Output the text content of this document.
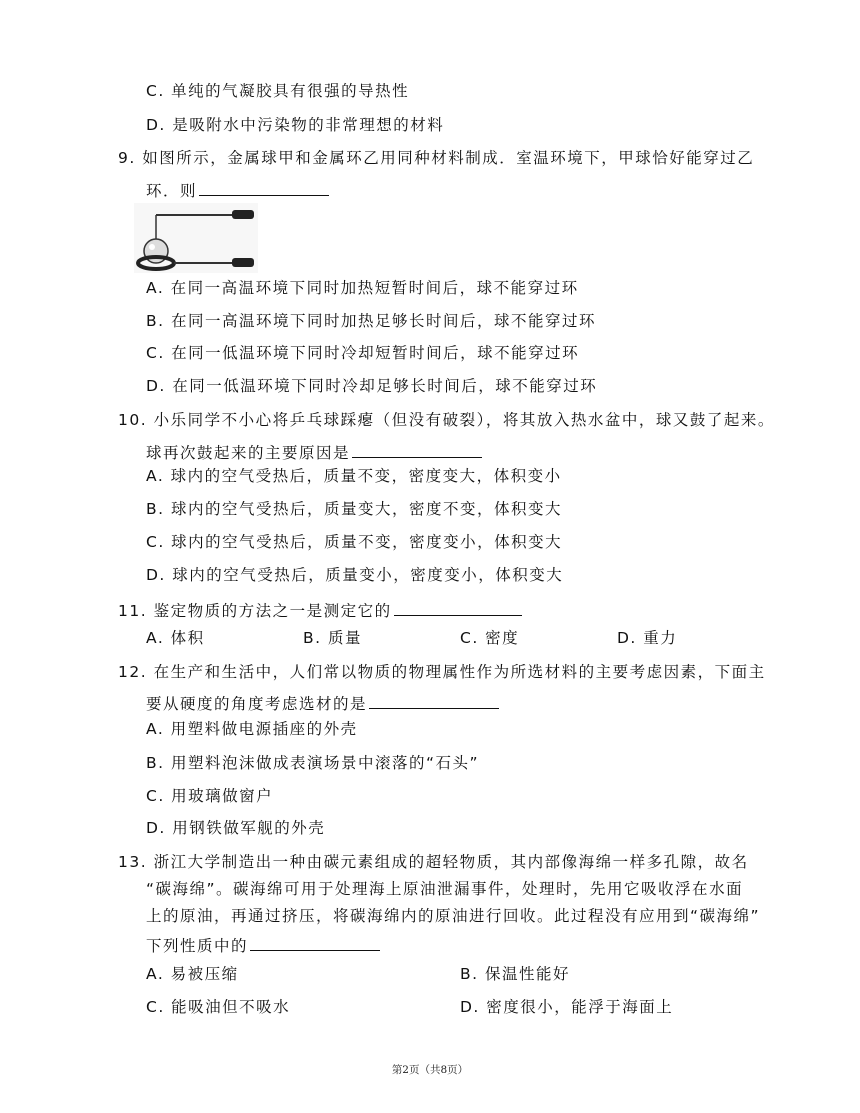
C. 单纯的气凝胶具有很强的导热性
D. 是吸附水中污染物的非常理想的材料
9. 如图所示，金属球甲和金属环乙用同种材料制成．室温环境下，甲球恰好能穿过乙
环．则
A. 在同一高温环境下同时加热短暂时间后，球不能穿过环
B. 在同一高温环境下同时加热足够长时间后，球不能穿过环
C. 在同一低温环境下同时冷却短暂时间后，球不能穿过环
D. 在同一低温环境下同时冷却足够长时间后，球不能穿过环
10. 小乐同学不小心将乒乓球踩瘪（但没有破裂），将其放入热水盆中，球又鼓了起来。
球再次鼓起来的主要原因是
A. 球内的空气受热后，质量不变，密度变大，体积变小
B. 球内的空气受热后，质量变大，密度不变，体积变大
C. 球内的空气受热后，质量不变，密度变小，体积变大
D. 球内的空气受热后，质量变小，密度变小，体积变大
11. 鉴定物质的方法之一是测定它的
A. 体积	B. 质量	C. 密度	D. 重力
12. 在生产和生活中，人们常以物质的物理属性作为所选材料的主要考虑因素，下面主
要从硬度的角度考虑选材的是
A. 用塑料做电源插座的外壳
B. 用塑料泡沫做成表演场景中滚落的“石头”
C. 用玻璃做窗户
D. 用钢铁做军舰的外壳
13. 浙江大学制造出一种由碳元素组成的超轻物质，其内部像海绵一样多孔隙，故名
“碳海绵”。碳海绵可用于处理海上原油泄漏事件，处理时，先用它吸收浮在水面
上的原油，再通过挤压，将碳海绵内的原油进行回收。此过程没有应用到“碳海绵”
下列性质中的
A. 易被压缩	B. 保温性能好
C. 能吸油但不吸水	D. 密度很小，能浮于海面上
第2页（共8页）
